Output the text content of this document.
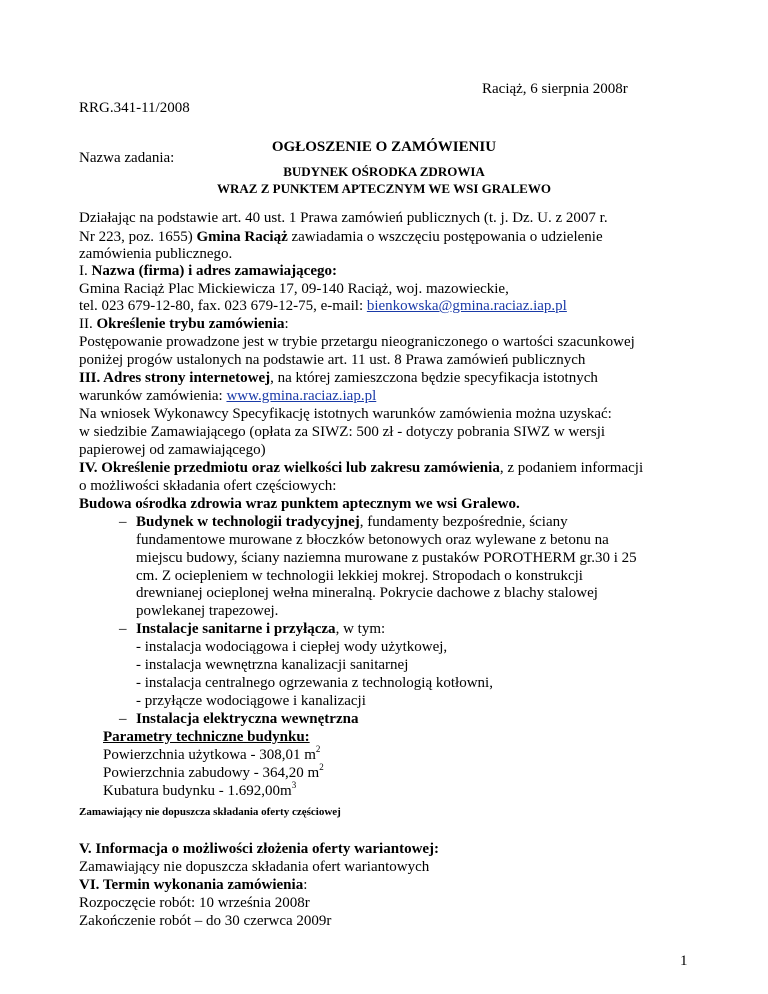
Raciąż, 6 sierpnia 2008r
RRG.341-11/2008
OGŁOSZENIE O ZAMÓWIENIU
Nazwa zadania:
BUDYNEK OŚRODKA ZDROWIA
WRAZ Z PUNKTEM APTECZNYM WE WSI GRALEWO
Działając na podstawie art. 40 ust. 1 Prawa zamówień publicznych (t. j. Dz. U. z 2007 r.
Nr 223, poz. 1655) Gmina Raciąż zawiadamia o wszczęciu postępowania o udzielenie
zamówienia publicznego.
I. Nazwa (firma) i adres zamawiającego:
Gmina Raciąż Plac Mickiewicza 17, 09-140 Raciąż, woj. mazowieckie,
tel. 023 679-12-80, fax. 023 679-12-75, e-mail: bienkowska@gmina.raciaz.iap.pl
II. Określenie trybu zamówienia:
Postępowanie prowadzone jest w trybie przetargu nieograniczonego o wartości szacunkowej
poniżej progów ustalonych na podstawie art. 11 ust. 8 Prawa zamówień publicznych
III. Adres strony internetowej, na której zamieszczona będzie specyfikacja istotnych
warunków zamówienia: www.gmina.raciaz.iap.pl
Na wniosek Wykonawcy Specyfikację istotnych warunków zamówienia można uzyskać:
w siedzibie Zamawiającego (opłata za SIWZ: 500 zł - dotyczy pobrania SIWZ w wersji
papierowej od zamawiającego)
IV. Określenie przedmiotu oraz wielkości lub zakresu zamówienia, z podaniem informacji
o możliwości składania ofert częściowych:
Budowa ośrodka zdrowia wraz punktem aptecznym we wsi Gralewo.
– Budynek w technologii tradycyjnej, fundamenty bezpośrednie, ściany
fundamentowe murowane z błoczków betonowych oraz wylewane z betonu na
miejscu budowy, ściany naziemna murowane z pustaków POROTHERM gr.30 i 25
cm. Z ociepleniem w technologii lekkiej mokrej. Stropodach o konstrukcji
drewnianej ocieplonej wełna mineralną. Pokrycie dachowe z blachy stalowej
powlekanej trapezowej.
– Instalacje sanitarne i przyłącza, w tym:
- instalacja wodociągowa i ciepłej wody użytkowej,
- instalacja wewnętrzna kanalizacji sanitarnej
- instalacja centralnego ogrzewania z technologią kotłowni,
- przyłącze wodociągowe i kanalizacji
– Instalacja elektryczna wewnętrzna
Parametry techniczne budynku:
Powierzchnia użytkowa - 308,01 $m^2$
Powierzchnia zabudowy - 364,20 $m^2$
Kubatura budynku - $1.692,00m^3$
Zamawiający nie dopuszcza składania oferty częściowej
V. Informacja o możliwości złożenia oferty wariantowej:
Zamawiający nie dopuszcza składania ofert wariantowych
VI. Termin wykonania zamówienia:
Rozpoczęcie robót: 10 września 2008r
Zakończenie robót – do 30 czerwca 2009r
1
